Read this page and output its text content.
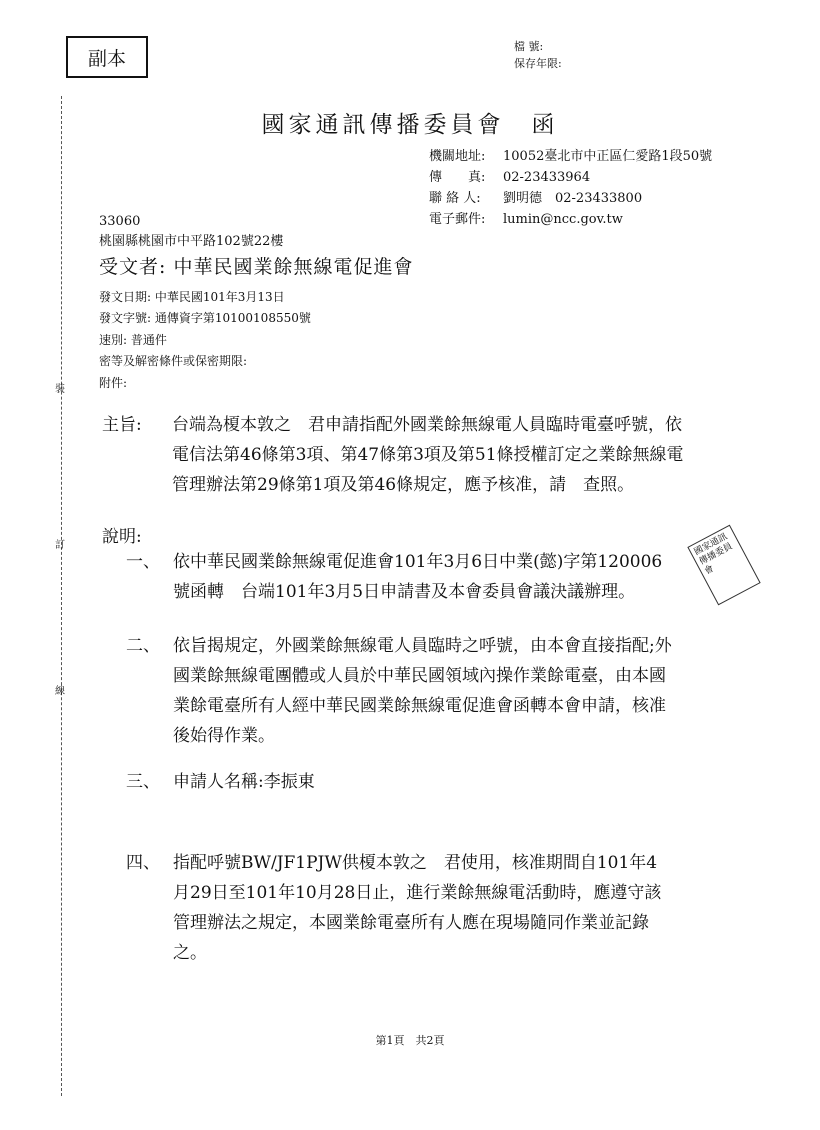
裝
訂
線
副本
檔 號:
保存年限:
國家通訊傳播委員會　函
機關地址: 10052臺北市中正區仁愛路1段50號
傳　　真: 02-23433964
聯 絡 人: 劉明德　02-23433800
電子郵件: lumin@ncc.gov.tw
33060
桃園縣桃園市中平路102號22樓
受文者: 中華民國業餘無線電促進會
發文日期: 中華民國101年3月13日
發文字號: 通傳資字第10100108550號
速別: 普通件
密等及解密條件或保密期限:
附件:
主旨:	台端為榎本敦之　君申請指配外國業餘無線電人員臨時電臺呼號，依電信法第46條第3項、第47條第3項及第51條授權訂定之業餘無線電管理辦法第29條第1項及第46條規定，應予核准，請　查照。
說明:
一、 依中華民國業餘無線電促進會101年3月6日中業(懿)字第120006號函轉　台端101年3月5日申請書及本會委員會議決議辦理。
二、 依旨揭規定，外國業餘無線電人員臨時之呼號，由本會直接指配;外國業餘無線電團體或人員於中華民國領域內操作業餘電臺，由本國業餘電臺所有人經中華民國業餘無線電促進會函轉本會申請，核准後始得作業。
三、 申請人名稱:李振東
四、 指配呼號BW/JF1PJW供榎本敦之　君使用，核准期間自101年4月29日至101年10月28日止，進行業餘無線電活動時，應遵守該管理辦法之規定，本國業餘電臺所有人應在現場隨同作業並記錄之。
國家通訊傳播委員會
第1頁　共2頁
